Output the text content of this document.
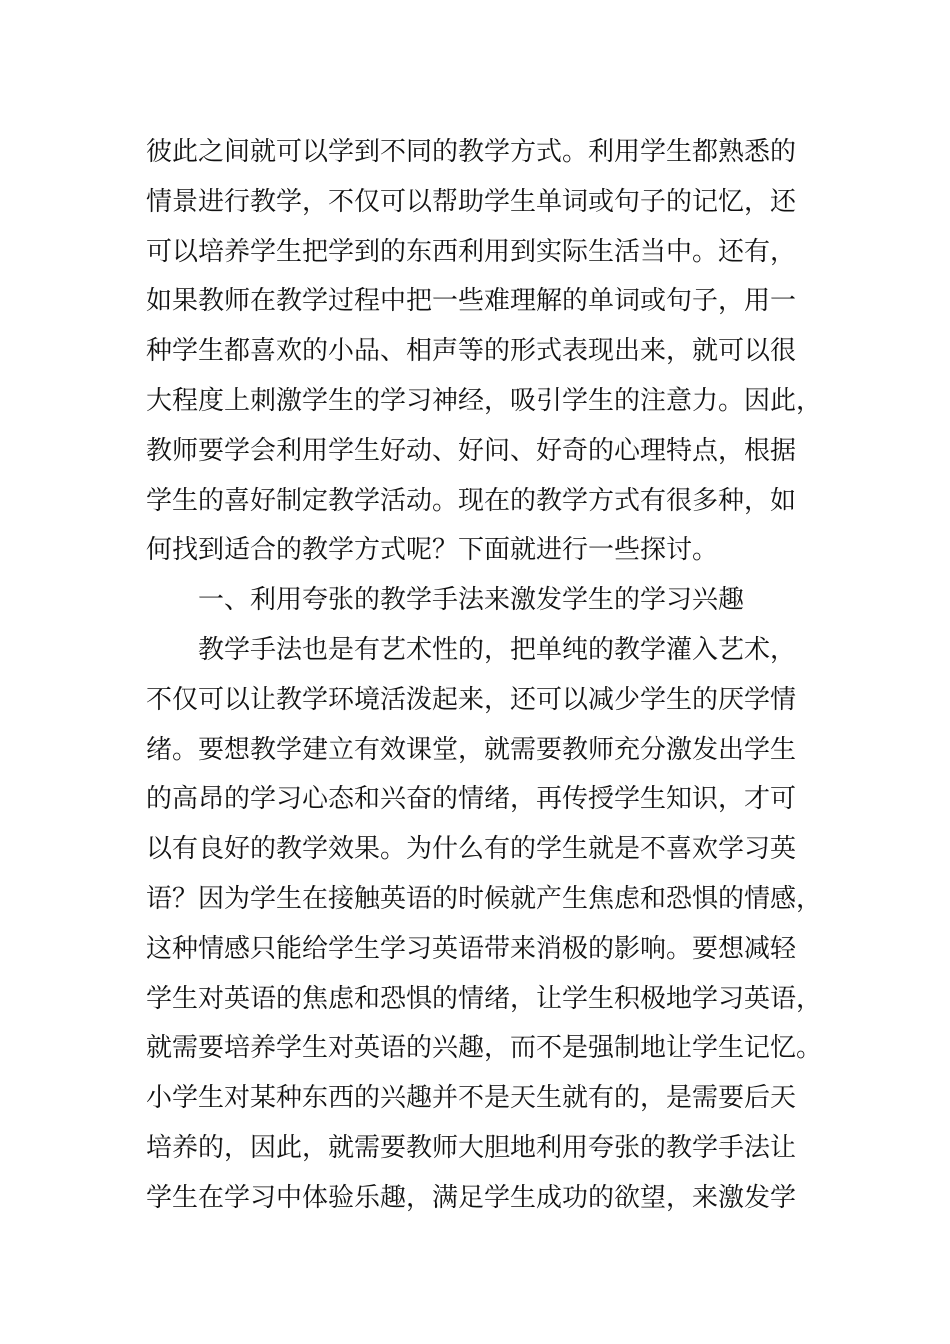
彼此之间就可以学到不同的教学方式。利用学生都熟悉的
情景进行教学，不仅可以帮助学生单词或句子的记忆，还
可以培养学生把学到的东西利用到实际生活当中。还有，
如果教师在教学过程中把一些难理解的单词或句子，用一
种学生都喜欢的小品、相声等的形式表现出来，就可以很
大程度上刺激学生的学习神经，吸引学生的注意力。因此，
教师要学会利用学生好动、好问、好奇的心理特点，根据
学生的喜好制定教学活动。现在的教学方式有很多种，如
何找到适合的教学方式呢？下面就进行一些探讨。
一、利用夸张的教学手法来激发学生的学习兴趣
教学手法也是有艺术性的，把单纯的教学灌入艺术，
不仅可以让教学环境活泼起来，还可以减少学生的厌学情
绪。要想教学建立有效课堂，就需要教师充分激发出学生
的高昂的学习心态和兴奋的情绪，再传授学生知识，才可
以有良好的教学效果。为什么有的学生就是不喜欢学习英
语？因为学生在接触英语的时候就产生焦虑和恐惧的情感，
这种情感只能给学生学习英语带来消极的影响。要想减轻
学生对英语的焦虑和恐惧的情绪，让学生积极地学习英语，
就需要培养学生对英语的兴趣，而不是强制地让学生记忆。
小学生对某种东西的兴趣并不是天生就有的，是需要后天
培养的，因此，就需要教师大胆地利用夸张的教学手法让
学生在学习中体验乐趣，满足学生成功的欲望，来激发学
